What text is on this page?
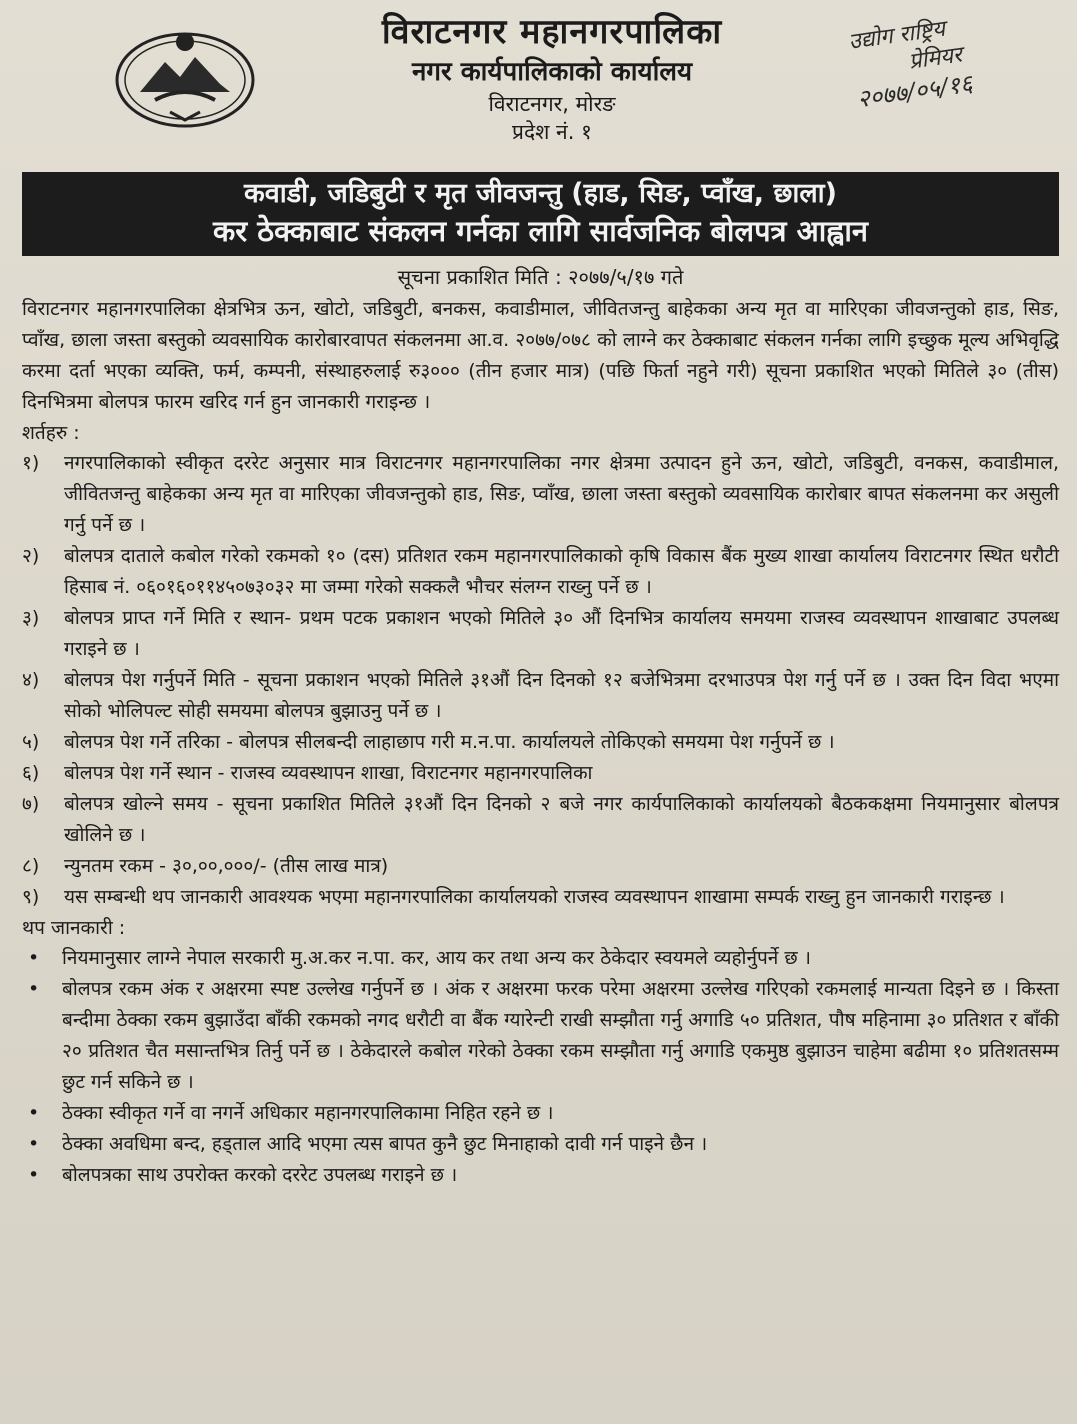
विराटनगर महानगरपालिका
नगर कार्यपालिकाको कार्यालय
विराटनगर, मोरङ
प्रदेश नं. १
उद्योग राष्ट्रिय
प्रेमियर
२०७७/०५/१६
कवाडी, जडिबुटी र मृत जीवजन्तु (हाड, सिङ, प्वाँख, छाला)
कर ठेक्काबाट संकलन गर्नका लागि सार्वजनिक बोलपत्र आह्वान
सूचना प्रकाशित मिति : २०७७/५/१७ गते
विराटनगर महानगरपालिका क्षेत्रभित्र ऊन, खोटो, जडिबुटी, बनकस, कवाडीमाल, जीवितजन्तु बाहेकका अन्य मृत वा मारिएका जीवजन्तुको हाड, सिङ, प्वाँख, छाला जस्ता बस्तुको व्यवसायिक कारोबारवापत संकलनमा आ.व. २०७७/०७८ को लाग्ने कर ठेक्काबाट संकलन गर्नका लागि इच्छुक मूल्य अभिवृद्धि करमा दर्ता भएका व्यक्ति, फर्म, कम्पनी, संस्थाहरुलाई रु३००० (तीन हजार मात्र) (पछि फिर्ता नहुने गरी) सूचना प्रकाशित भएको मितिले ३० (तीस) दिनभित्रमा बोलपत्र फारम खरिद गर्न हुन जानकारी गराइन्छ ।
शर्तहरु :
१)	नगरपालिकाको स्वीकृत दररेट अनुसार मात्र विराटनगर महानगरपालिका नगर क्षेत्रमा उत्पादन हुने ऊन, खोटो, जडिबुटी, वनकस, कवाडीमाल, जीवितजन्तु बाहेकका अन्य मृत वा मारिएका जीवजन्तुको हाड, सिङ, प्वाँख, छाला जस्ता बस्तुको व्यवसायिक कारोबार बापत संकलनमा कर असुली गर्नु पर्ने छ ।
२)	बोलपत्र दाताले कबोल गरेको रकमको १० (दस) प्रतिशत रकम महानगरपालिकाको कृषि विकास बैंक मुख्य शाखा कार्यालय विराटनगर स्थित धरौटी हिसाब नं. ०६०१६०११४५०७३०३२ मा जम्मा गरेको सक्कलै भौचर संलग्न राख्नु पर्ने छ ।
३)	बोलपत्र प्राप्त गर्ने मिति र स्थान- प्रथम पटक प्रकाशन भएको मितिले ३० औं दिनभित्र कार्यालय समयमा राजस्व व्यवस्थापन शाखाबाट उपलब्ध गराइने छ ।
४)	बोलपत्र पेश गर्नुपर्ने मिति - सूचना प्रकाशन भएको मितिले ३१औं दिन दिनको १२ बजेभित्रमा दरभाउपत्र पेश गर्नु पर्ने छ । उक्त दिन विदा भएमा सोको भोलिपल्ट सोही समयमा बोलपत्र बुझाउनु पर्ने छ ।
५)	बोलपत्र पेश गर्ने तरिका - बोलपत्र सीलबन्दी लाहाछाप गरी म.न.पा. कार्यालयले तोकिएको समयमा पेश गर्नुपर्ने छ ।
६)	बोलपत्र पेश गर्ने स्थान - राजस्व व्यवस्थापन शाखा, विराटनगर महानगरपालिका
७)	बोलपत्र खोल्ने समय - सूचना प्रकाशित मितिले ३१औं दिन दिनको २ बजे नगर कार्यपालिकाको कार्यालयको बैठककक्षमा नियमानुसार बोलपत्र खोलिने छ ।
८)	न्युनतम रकम - ३०,००,०००/- (तीस लाख मात्र)
९)	यस सम्बन्धी थप जानकारी आवश्यक भएमा महानगरपालिका कार्यालयको राजस्व व्यवस्थापन शाखामा सम्पर्क राख्नु हुन जानकारी गराइन्छ ।
थप जानकारी :
•	नियमानुसार लाग्ने नेपाल सरकारी मु.अ.कर न.पा. कर, आय कर तथा अन्य कर ठेकेदार स्वयमले व्यहोर्नुपर्ने छ ।
•	बोलपत्र रकम अंक र अक्षरमा स्पष्ट उल्लेख गर्नुपर्ने छ । अंक र अक्षरमा फरक परेमा अक्षरमा उल्लेख गरिएको रकमलाई मान्यता दिइने छ । किस्ता बन्दीमा ठेक्का रकम बुझाउँदा बाँकी रकमको नगद धरौटी वा बैंक ग्यारेन्टी राखी सम्झौता गर्नु अगाडि ५० प्रतिशत, पौष महिनामा ३० प्रतिशत र बाँकी २० प्रतिशत चैत मसान्तभित्र तिर्नु पर्ने छ । ठेकेदारले कबोल गरेको ठेक्का रकम सम्झौता गर्नु अगाडि एकमुष्ठ बुझाउन चाहेमा बढीमा १० प्रतिशतसम्म छुट गर्न सकिने छ ।
•	ठेक्का स्वीकृत गर्ने वा नगर्ने अधिकार महानगरपालिकामा निहित रहने छ ।
•	ठेक्का अवधिमा बन्द, हड्ताल आदि भएमा त्यस बापत कुनै छुट मिनाहाको दावी गर्न पाइने छैन ।
•	बोलपत्रका साथ उपरोक्त करको दररेट उपलब्ध गराइने छ ।
